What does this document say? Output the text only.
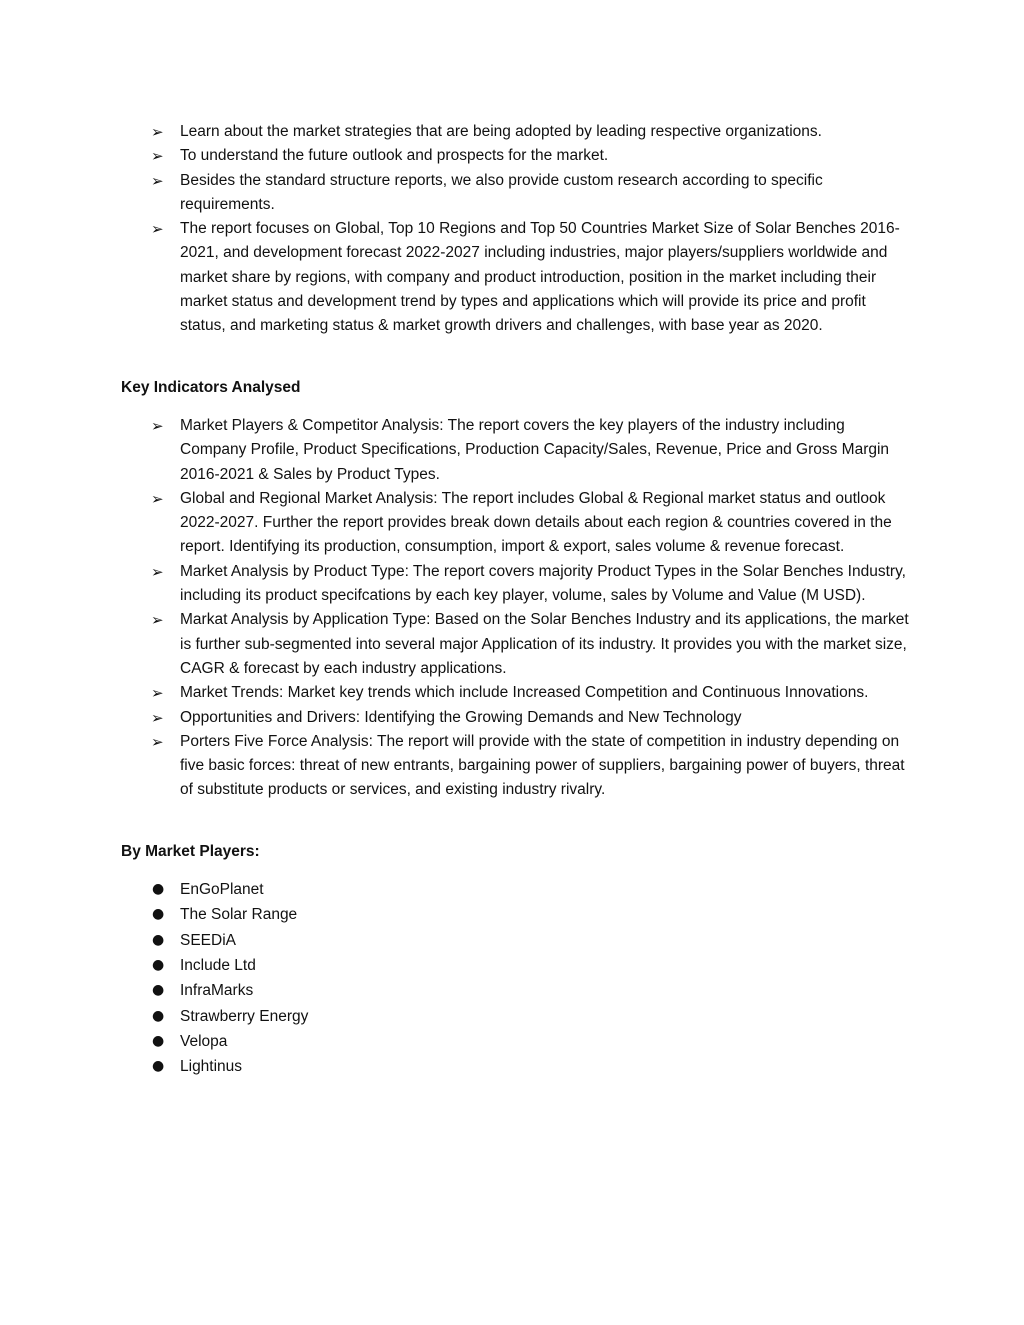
➢ Learn about the market strategies that are being adopted by leading respective organizations.
➢ To understand the future outlook and prospects for the market.
➢ Besides the standard structure reports, we also provide custom research according to specific requirements.
➢ The report focuses on Global, Top 10 Regions and Top 50 Countries Market Size of Solar Benches 2016-2021, and development forecast 2022-2027 including industries, major players/suppliers worldwide and market share by regions, with company and product introduction, position in the market including their market status and development trend by types and applications which will provide its price and profit status, and marketing status & market growth drivers and challenges, with base year as 2020.

Key Indicators Analysed

➢ Market Players & Competitor Analysis: The report covers the key players of the industry including Company Profile, Product Specifications, Production Capacity/Sales, Revenue, Price and Gross Margin 2016-2021 & Sales by Product Types.
➢ Global and Regional Market Analysis: The report includes Global & Regional market status and outlook 2022-2027. Further the report provides break down details about each region & countries covered in the report. Identifying its production, consumption, import & export, sales volume & revenue forecast.
➢ Market Analysis by Product Type: The report covers majority Product Types in the Solar Benches Industry, including its product specifcations by each key player, volume, sales by Volume and Value (M USD).
➢ Markat Analysis by Application Type: Based on the Solar Benches Industry and its applications, the market is further sub-segmented into several major Application of its industry. It provides you with the market size, CAGR & forecast by each industry applications.
➢ Market Trends: Market key trends which include Increased Competition and Continuous Innovations.
➢ Opportunities and Drivers: Identifying the Growing Demands and New Technology
➢ Porters Five Force Analysis: The report will provide with the state of competition in industry depending on five basic forces: threat of new entrants, bargaining power of suppliers, bargaining power of buyers, threat of substitute products or services, and existing industry rivalry.

By Market Players:

● EnGoPlanet
● The Solar Range
● SEEDiA
● Include Ltd
● InfraMarks
● Strawberry Energy
● Velopa
● Lightinus
